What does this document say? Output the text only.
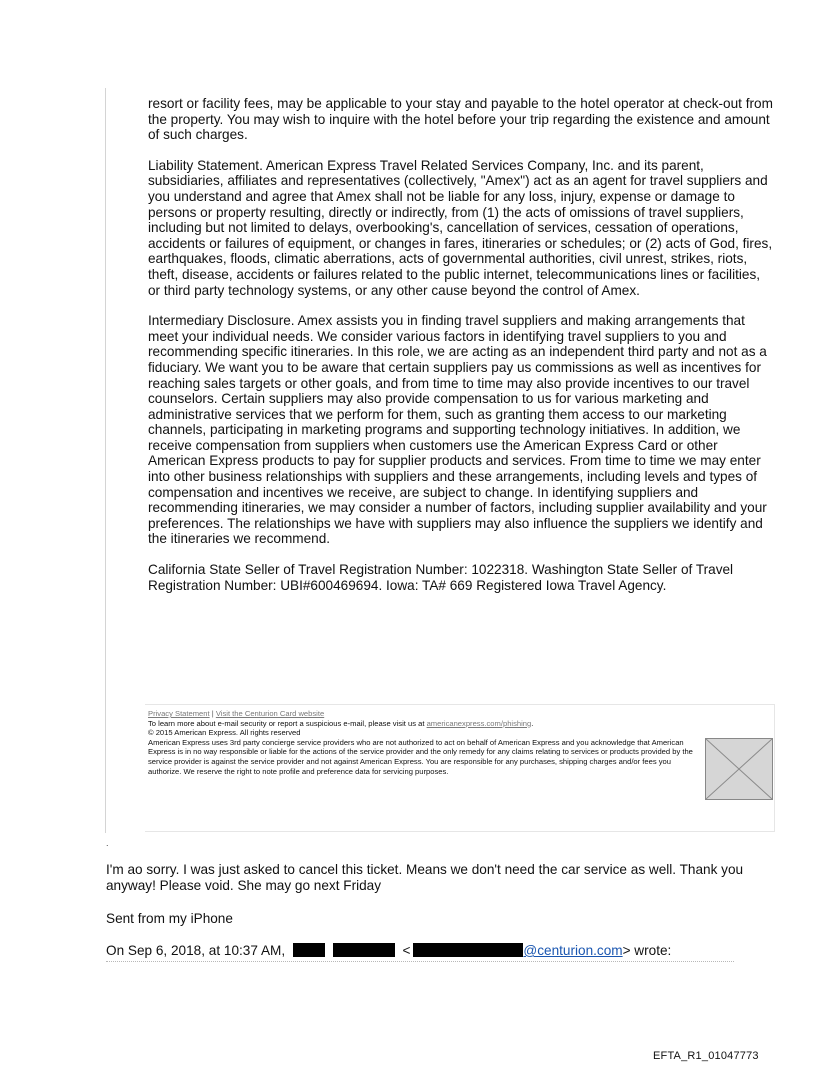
resort or facility fees, may be applicable to your stay and payable to the hotel operator at check-out from the property. You may wish to inquire with the hotel before your trip regarding the existence and amount of such charges.

Liability Statement. American Express Travel Related Services Company, Inc. and its parent, subsidiaries, affiliates and representatives (collectively, "Amex") act as an agent for travel suppliers and you understand and agree that Amex shall not be liable for any loss, injury, expense or damage to persons or property resulting, directly or indirectly, from (1) the acts of omissions of travel suppliers, including but not limited to delays, overbooking's, cancellation of services, cessation of operations, accidents or failures of equipment, or changes in fares, itineraries or schedules; or (2) acts of God, fires, earthquakes, floods, climatic aberrations, acts of governmental authorities, civil unrest, strikes, riots, theft, disease, accidents or failures related to the public internet, telecommunications lines or facilities, or third party technology systems, or any other cause beyond the control of Amex.

Intermediary Disclosure. Amex assists you in finding travel suppliers and making arrangements that meet your individual needs. We consider various factors in identifying travel suppliers to you and recommending specific itineraries. In this role, we are acting as an independent third party and not as a fiduciary. We want you to be aware that certain suppliers pay us commissions as well as incentives for reaching sales targets or other goals, and from time to time may also provide incentives to our travel counselors. Certain suppliers may also provide compensation to us for various marketing and administrative services that we perform for them, such as granting them access to our marketing channels, participating in marketing programs and supporting technology initiatives. In addition, we receive compensation from suppliers when customers use the American Express Card or other American Express products to pay for supplier products and services. From time to time we may enter into other business relationships with suppliers and these arrangements, including levels and types of compensation and incentives we receive, are subject to change. In identifying suppliers and recommending itineraries, we may consider a number of factors, including supplier availability and your preferences. The relationships we have with suppliers may also influence the suppliers we identify and the itineraries we recommend.

California State Seller of Travel Registration Number: 1022318. Washington State Seller of Travel Registration Number: UBI#600469694. Iowa: TA# 669 Registered Iowa Travel Agency.

Privacy Statement | Visit the Centurion Card website
To learn more about e-mail security or report a suspicious e-mail, please visit us at americanexpress.com/phishing.
© 2015 American Express. All rights reserved
American Express uses 3rd party concierge service providers who are not authorized to act on behalf of American Express and you acknowledge that American Express is in no way responsible or liable for the actions of the service provider and the only remedy for any claims relating to services or products provided by the service provider is against the service provider and not against American Express. You are responsible for any purchases, shipping charges and/or fees you authorize. We reserve the right to note profile and preference data for servicing purposes.
.

I'm ao sorry. I was just asked to cancel this ticket. Means we don't need the car service as well. Thank you anyway! Please void. She may go next Friday

Sent from my iPhone

On Sep 6, 2018, at 10:37 AM,	<	@centurion.com> wrote:
EFTA_R1_01047773
